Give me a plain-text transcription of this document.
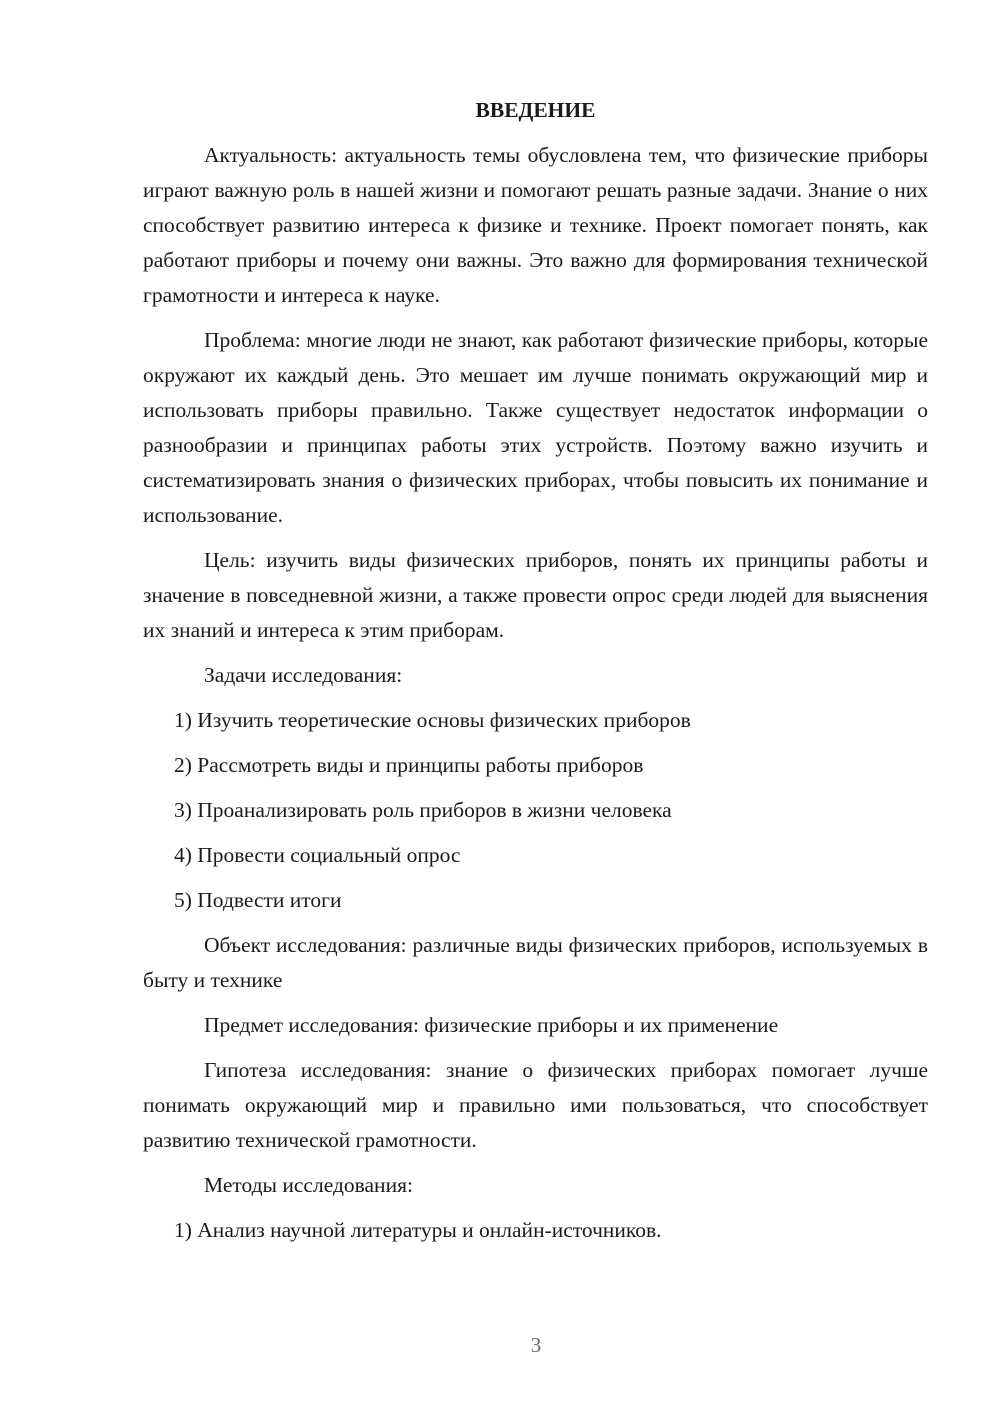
ВВЕДЕНИЕ
Актуальность: актуальность темы обусловлена тем, что физические приборы играют важную роль в нашей жизни и помогают решать разные задачи. Знание о них способствует развитию интереса к физике и технике. Проект помогает понять, как работают приборы и почему они важны. Это важно для формирования технической грамотности и интереса к науке.
Проблема: многие люди не знают, как работают физические приборы, которые окружают их каждый день. Это мешает им лучше понимать окружающий мир и использовать приборы правильно. Также существует недостаток информации о разнообразии и принципах работы этих устройств. Поэтому важно изучить и систематизировать знания о физических приборах, чтобы повысить их понимание и использование.
Цель: изучить виды физических приборов, понять их принципы работы и значение в повседневной жизни, а также провести опрос среди людей для выяснения их знаний и интереса к этим приборам.
Задачи исследования:
1) Изучить теоретические основы физических приборов
2) Рассмотреть виды и принципы работы приборов
3) Проанализировать роль приборов в жизни человека
4) Провести социальный опрос
5) Подвести итоги
Объект исследования: различные виды физических приборов, используемых в быту и технике
Предмет исследования: физические приборы и их применение
Гипотеза исследования: знание о физических приборах помогает лучше понимать окружающий мир и правильно ими пользоваться, что способствует развитию технической грамотности.
Методы исследования:
1) Анализ научной литературы и онлайн-источников.
3
